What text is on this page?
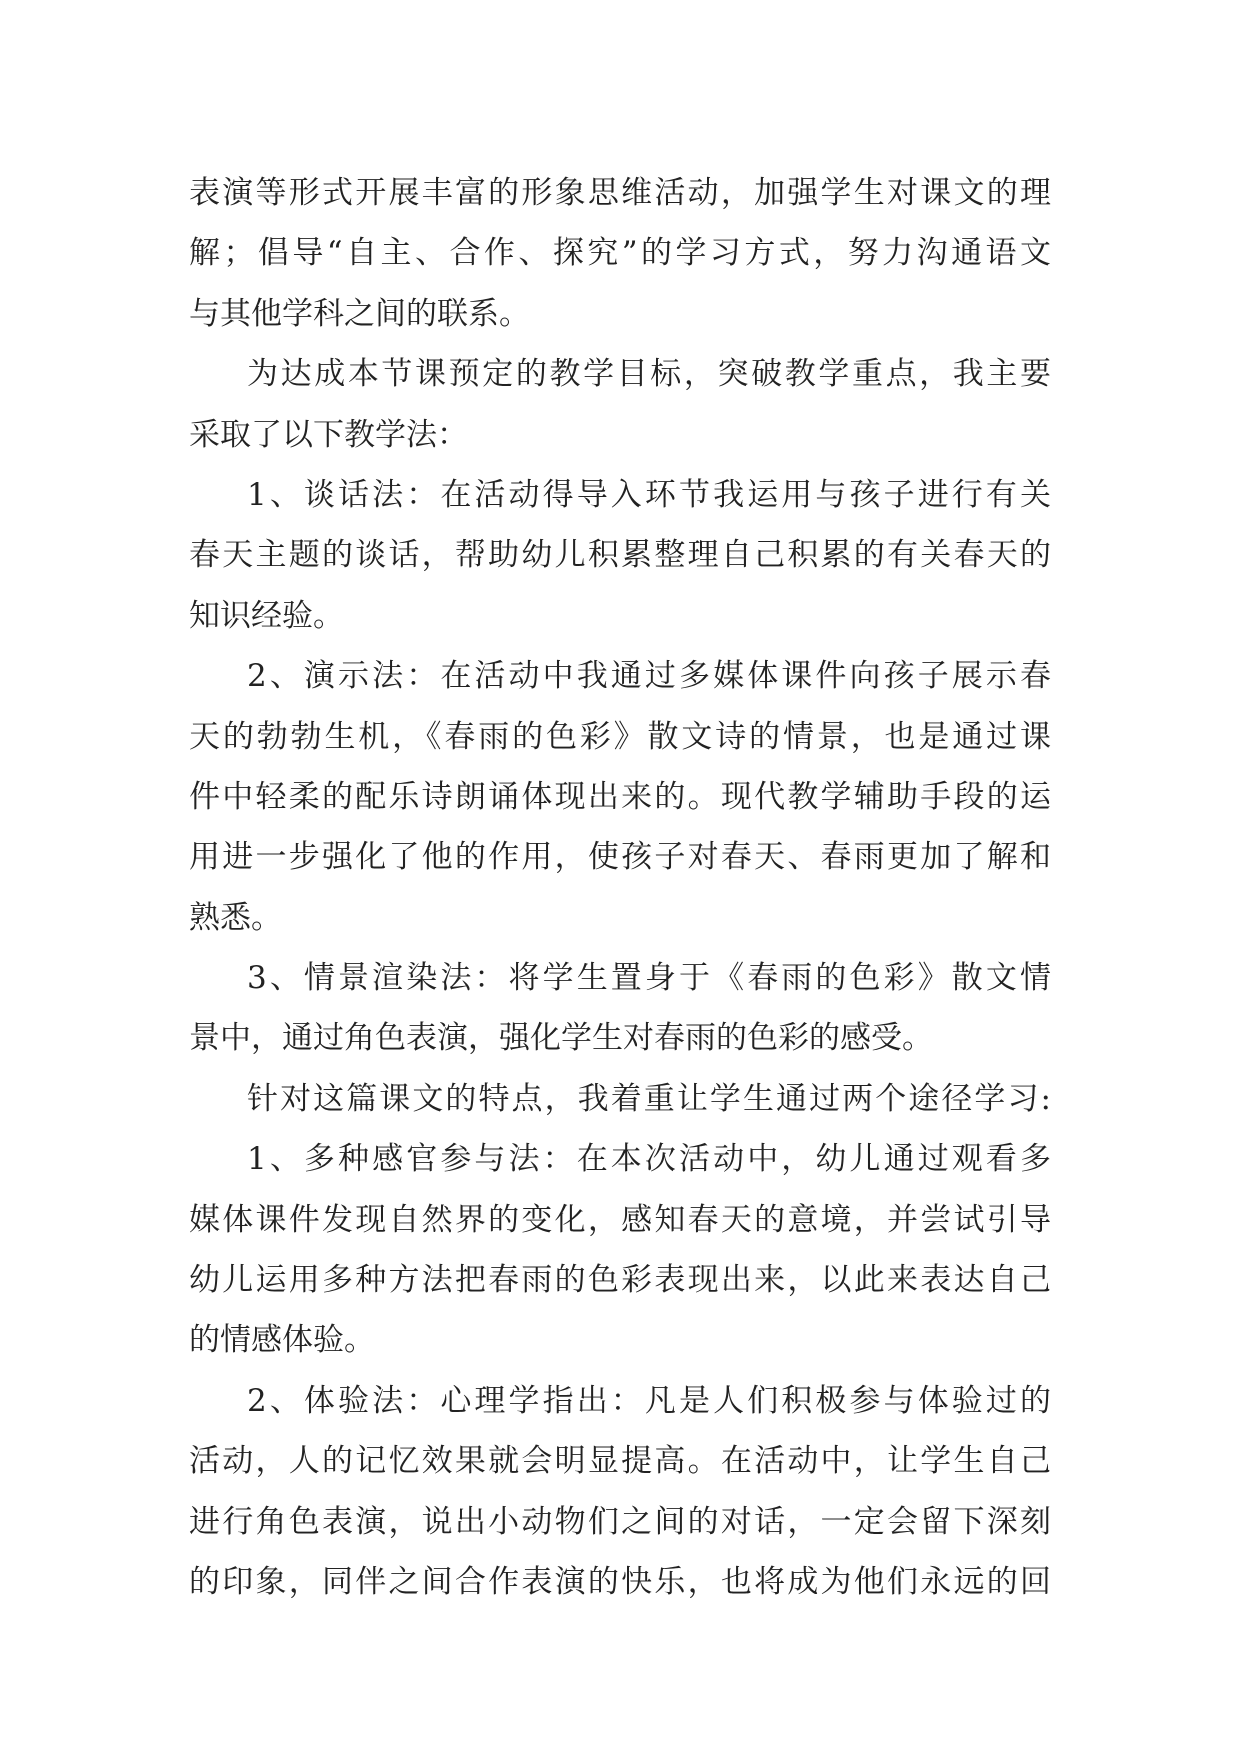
表演等形式开展丰富的形象思维活动，加强学生对课文的理
解；倡导“自主、合作、探究”的学习方式，努力沟通语文
与其他学科之间的联系。
为达成本节课预定的教学目标，突破教学重点，我主要
采取了以下教学法：
1、谈话法：在活动得导入环节我运用与孩子进行有关
春天主题的谈话，帮助幼儿积累整理自己积累的有关春天的
知识经验。
2、演示法：在活动中我通过多媒体课件向孩子展示春
天的勃勃生机，《春雨的色彩》散文诗的情景，也是通过课
件中轻柔的配乐诗朗诵体现出来的。现代教学辅助手段的运
用进一步强化了他的作用，使孩子对春天、春雨更加了解和
熟悉。
3、情景渲染法：将学生置身于《春雨的色彩》散文情
景中，通过角色表演，强化学生对春雨的色彩的感受。
针对这篇课文的特点，我着重让学生通过两个途径学习:
1、多种感官参与法：在本次活动中，幼儿通过观看多
媒体课件发现自然界的变化，感知春天的意境，并尝试引导
幼儿运用多种方法把春雨的色彩表现出来，以此来表达自己
的情感体验。
2、体验法：心理学指出：凡是人们积极参与体验过的
活动，人的记忆效果就会明显提高。在活动中，让学生自己
进行角色表演，说出小动物们之间的对话，一定会留下深刻
的印象，同伴之间合作表演的快乐，也将成为他们永远的回
